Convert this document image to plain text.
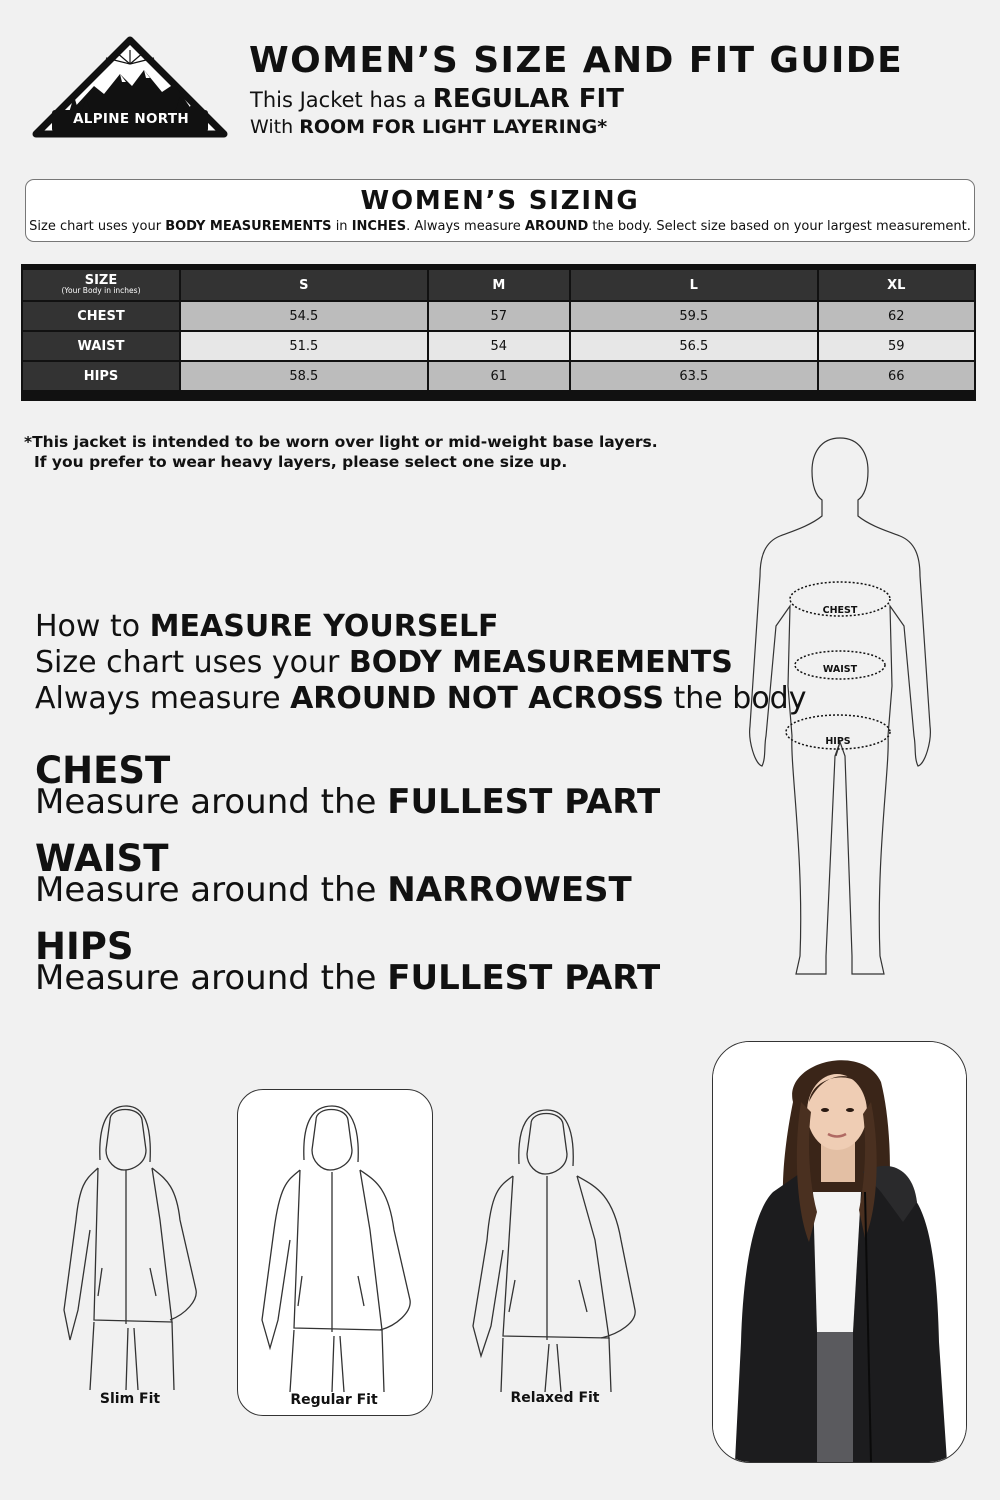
ALPINE NORTH
WOMEN’S SIZE AND FIT GUIDE
This Jacket has a REGULAR FIT
With ROOM FOR LIGHT LAYERING*
WOMEN’S SIZING
Size chart uses your BODY MEASUREMENTS in INCHES. Always measure AROUND the body. Select size based on your largest measurement.
SIZE
(Your Body in inches)	S	M	L	XL
CHEST	54.5	57	59.5	62
WAIST	51.5	54	56.5	59
HIPS	58.5	61	63.5	66
*This jacket is intended to be worn over light or mid-weight base layers.
If you prefer to wear heavy layers, please select one size up.
How to MEASURE YOURSELF
Size chart uses your BODY MEASUREMENTS
Always measure AROUND NOT ACROSS the body
CHEST
Measure around the FULLEST PART
WAIST
Measure around the NARROWEST
HIPS
Measure around the FULLEST PART
CHEST
WAIST
HIPS
Slim Fit	Regular Fit	Relaxed Fit
